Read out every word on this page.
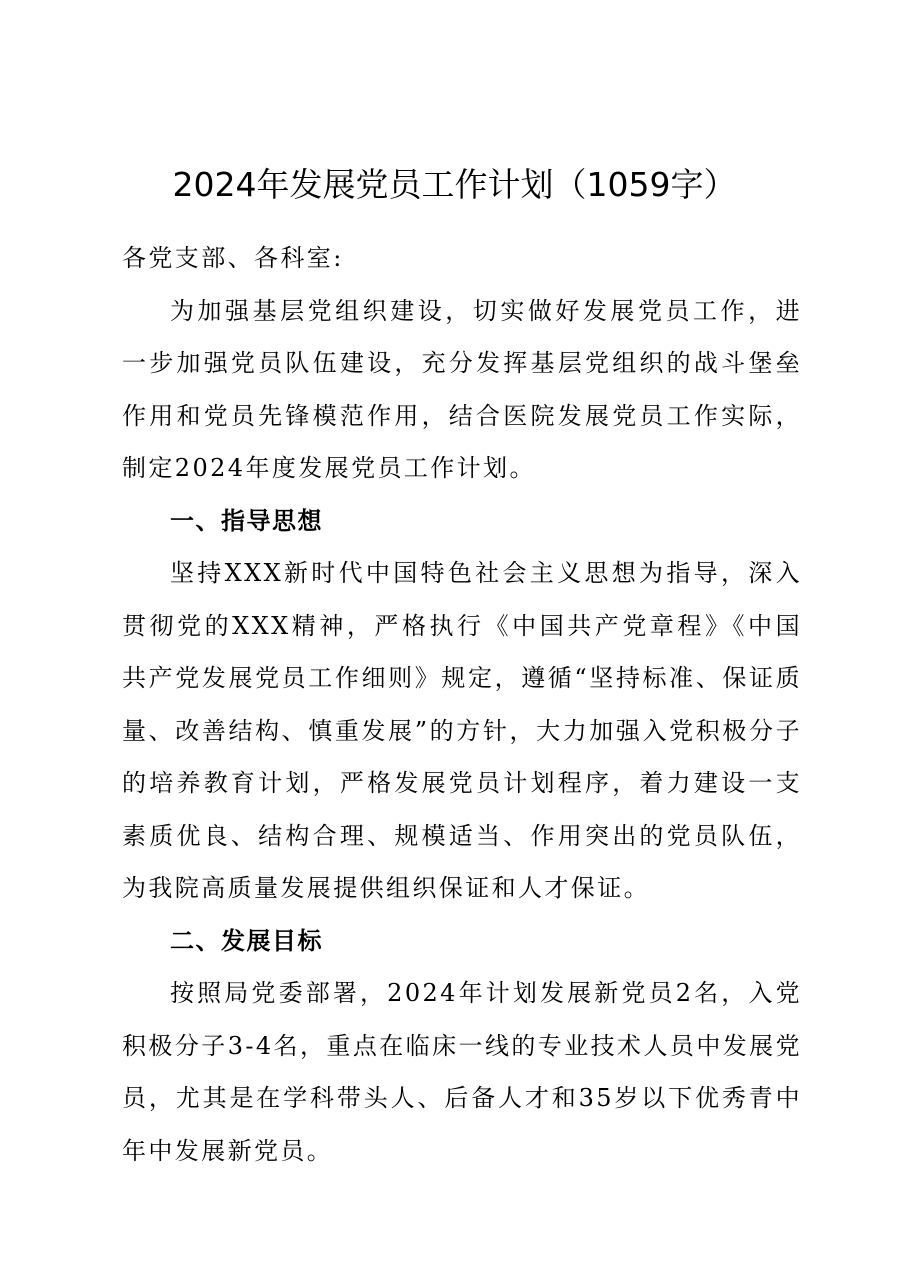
2024年发展党员工作计划（1059字）

各党支部、各科室:

为加强基层党组织建设，切实做好发展党员工作，进一步加强党员队伍建设，充分发挥基层党组织的战斗堡垒作用和党员先锋模范作用，结合医院发展党员工作实际，制定2024年度发展党员工作计划。

一、指导思想

坚持XXX新时代中国特色社会主义思想为指导，深入贯彻党的XXX精神，严格执行《中国共产党章程》《中国共产党发展党员工作细则》规定，遵循“坚持标准、保证质量、改善结构、慎重发展”的方针，大力加强入党积极分子的培养教育计划，严格发展党员计划程序，着力建设一支素质优良、结构合理、规模适当、作用突出的党员队伍，为我院高质量发展提供组织保证和人才保证。

二、发展目标

按照局党委部署，2024年计划发展新党员2名，入党积极分子3-4名，重点在临床一线的专业技术人员中发展党员，尤其是在学科带头人、后备人才和35岁以下优秀青中年中发展新党员。
